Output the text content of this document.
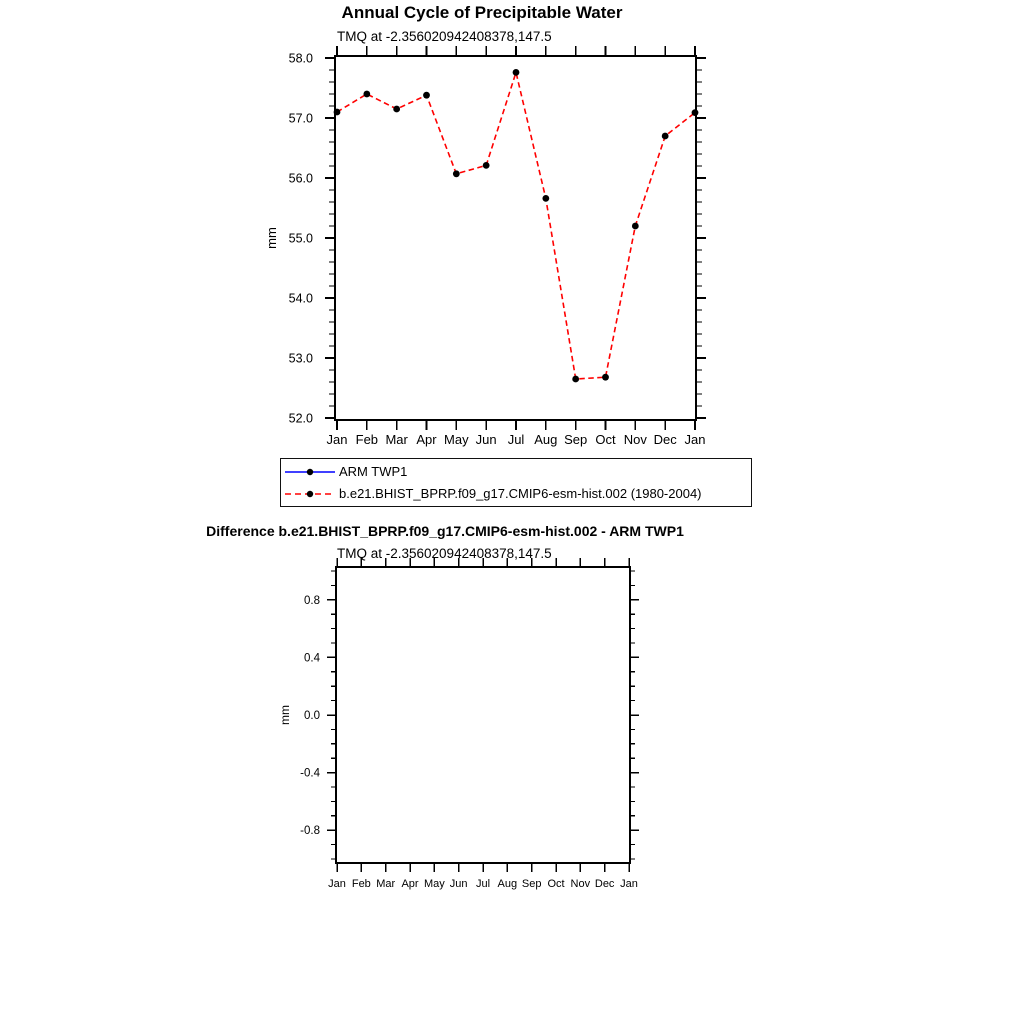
Annual Cycle of Precipitable Water
TMQ at -2.356020942408378,147.5
52.0
53.0
54.0
55.0
56.0
57.0
58.0
Jan Feb Mar Apr May Jun Jul Aug Sep Oct Nov Dec Jan
mm
ARM TWP1
b.e21.BHIST_BPRP.f09_g17.CMIP6-esm-hist.002 (1980-2004)
Difference b.e21.BHIST_BPRP.f09_g17.CMIP6-esm-hist.002 - ARM TWP1
TMQ at -2.356020942408378,147.5
-0.8
-0.4
0.0
0.4
0.8
Jan Feb Mar Apr May Jun Jul Aug Sep Oct Nov Dec Jan
mm
